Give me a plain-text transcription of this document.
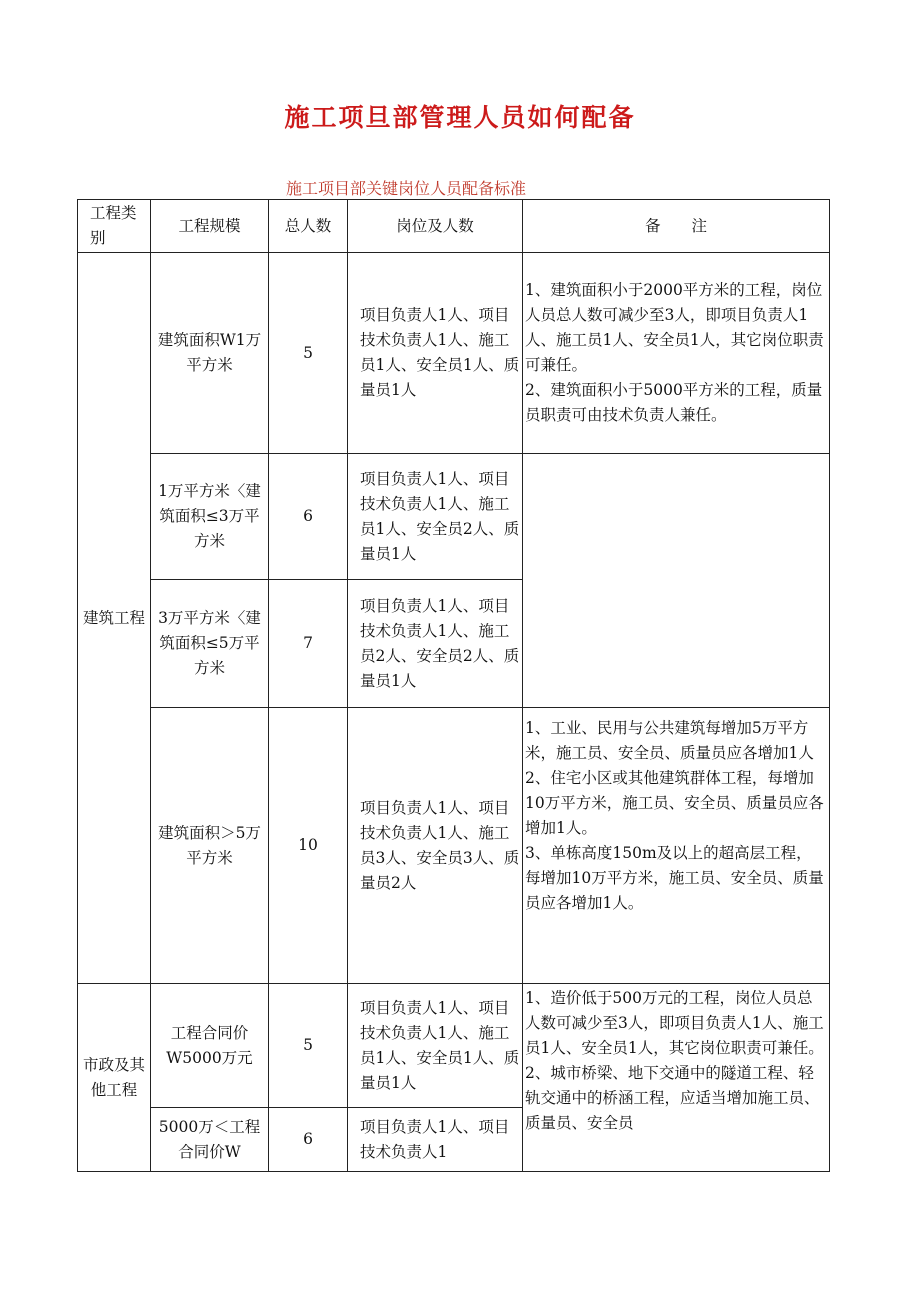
施工项旦部管理人员如何配备
施工项目部关键岗位人员配备标准
工程类别	工程规模	总人数	岗位及人数	备　　注
建筑工程	建筑面积W1万平方米	5	项目负责人1人、项目技术负责人1人、施工员1人、安全员1人、质量员1人	1、建筑面积小于2000平方米的工程，岗位人员总人数可减少至3人，即项目负责人1人、施工员1人、安全员1人，其它岗位职责可兼任。
2、建筑面积小于5000平方米的工程，质量员职责可由技术负责人兼任。
	1万平方米〈建筑面积≤3万平方米	6	项目负责人1人、项目技术负责人1人、施工员1人、安全员2人、质量员1人	

	3万平方米〈建筑面积≤5万平方米	7	项目负责人1人、项目技术负责人1人、施工员2人、安全员2人、质量员1人	

	建筑面积＞5万平方米	10	项目负责人1人、项目技术负责人1人、施工员3人、安全员3人、质量员2人	1、工业、民用与公共建筑每增加5万平方米，施工员、安全员、质量员应各增加1人
2、住宅小区或其他建筑群体工程，每增加10万平方米，施工员、安全员、质量员应各增加1人。
3、单栋高度150m及以上的超高层工程，每增加10万平方米，施工员、安全员、质量员应各增加1人。
市政及其他工程	工程合同价W5000万元	5	项目负责人1人、项目技术负责人1人、施工员1人、安全员1人、质量员1人	1、造价低于500万元的工程，岗位人员总人数可减少至3人，即项目负责人1人、施工员1人、安全员1人，其它岗位职责可兼任。
2、城市桥梁、地下交通中的隧道工程、轻轨交通中的桥涵工程，应适当增加施工员、质量员、安全员
	5000万＜工程合同价W	6	项目负责人1人、项目技术负责人1	
